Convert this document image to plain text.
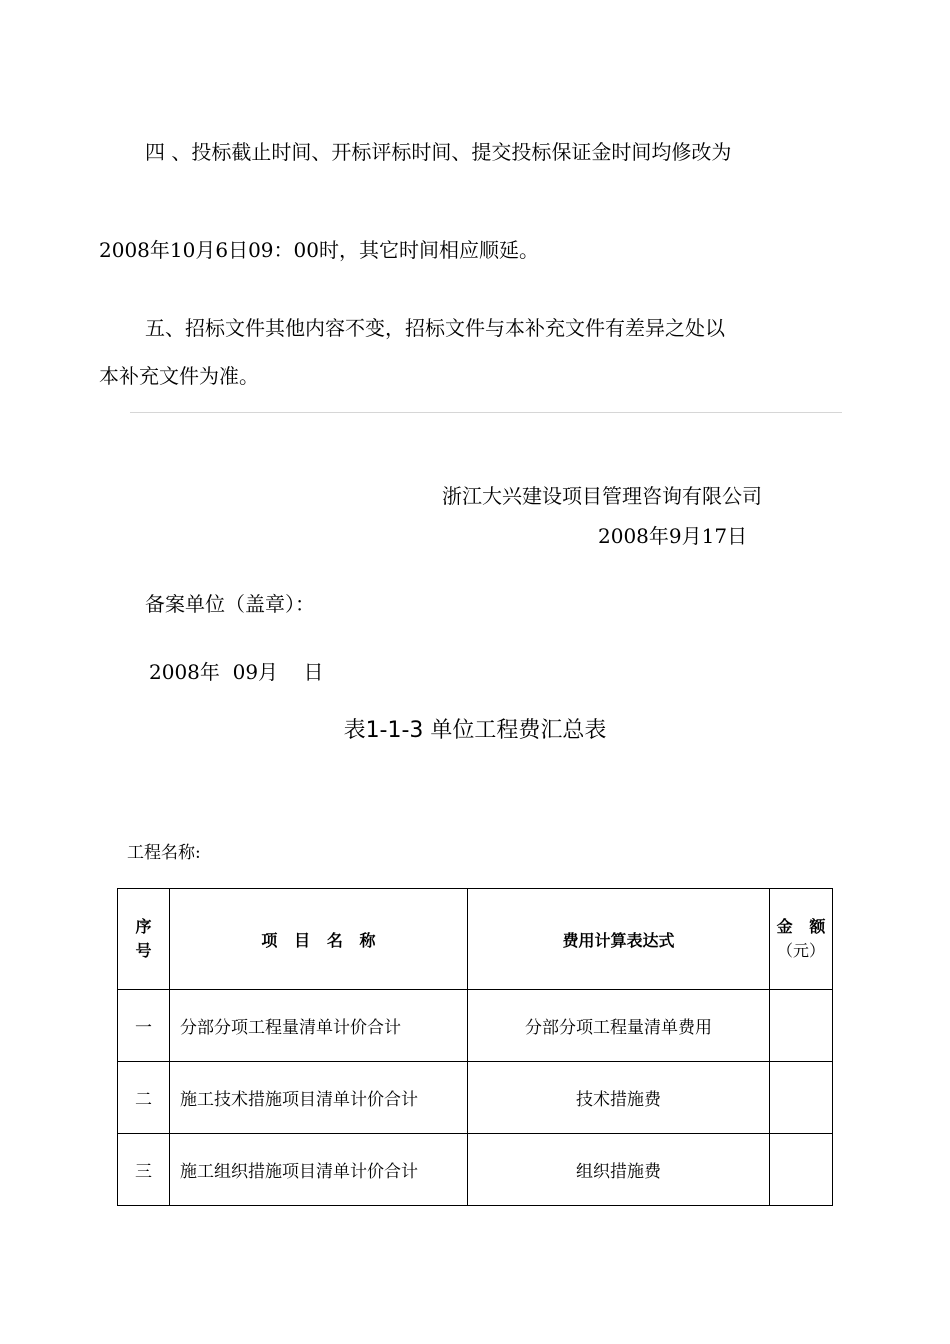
四 、投标截止时间、开标评标时间、提交投标保证金时间均修改为
2008年10月6日09：00时，其它时间相应顺延。
五、招标文件其他内容不变，招标文件与本补充文件有差异之处以
本补充文件为准。
浙江大兴建设项目管理咨询有限公司
2008年9月17日
备案单位（盖章）：
2008年  09月    日
表1-1-3 单位工程费汇总表
工程名称:
序
号	项   目   名   称	费用计算表达式	金   额
（元）

一	分部分项工程量清单计价合计	分部分项工程量清单费用	
二	施工技术措施项目清单计价合计	技术措施费	
三	施工组织措施项目清单计价合计	组织措施费	
